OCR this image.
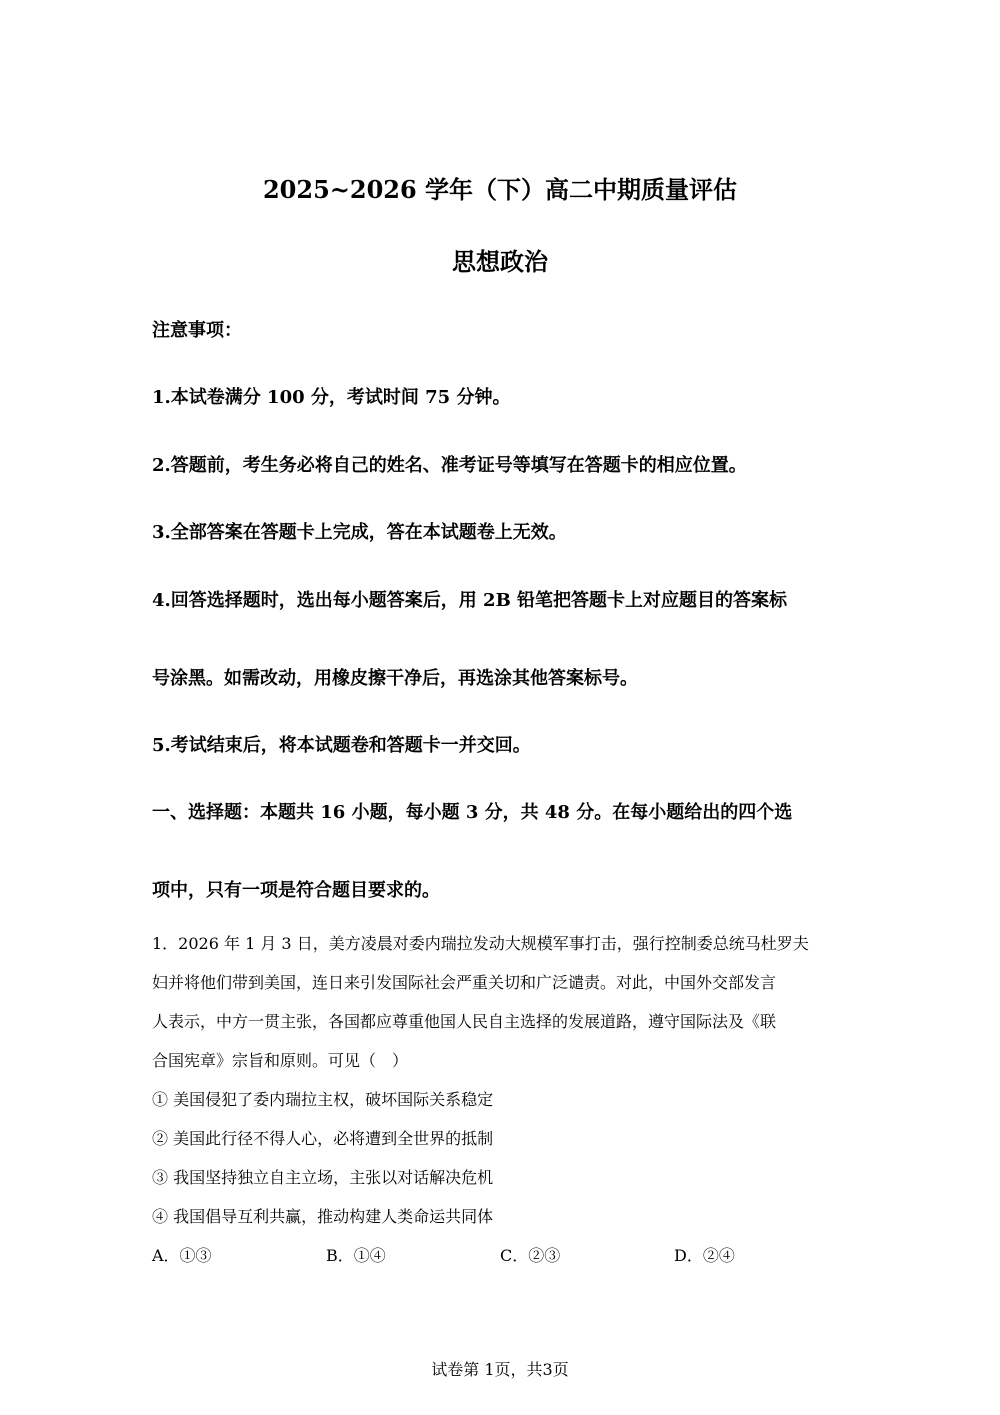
2025~2026 学年（下）高二中期质量评估
思想政治

注意事项：

1.本试卷满分 100 分，考试时间 75 分钟。

2.答题前，考生务必将自己的姓名、准考证号等填写在答题卡的相应位置。

3.全部答案在答题卡上完成，答在本试题卷上无效。

4.回答选择题时，选出每小题答案后，用 2B 铅笔把答题卡上对应题目的答案标

号涂黑。如需改动，用橡皮擦干净后，再选涂其他答案标号。

5.考试结束后，将本试题卷和答题卡一并交回。

一、选择题：本题共 16 小题，每小题 3 分，共 48 分。在每小题给出的四个选

项中，只有一项是符合题目要求的。

1．2026 年 1 月 3 日，美方凌晨对委内瑞拉发动大规模军事打击，强行控制委总统马杜罗夫

妇并将他们带到美国，连日来引发国际社会严重关切和广泛谴责。对此，中国外交部发言

人表示，中方一贯主张，各国都应尊重他国人民自主选择的发展道路，遵守国际法及《联

合国宪章》宗旨和原则。可见（　）

① 美国侵犯了委内瑞拉主权，破坏国际关系稳定

② 美国此行径不得人心，必将遭到全世界的抵制

③ 我国坚持独立自主立场，主张以对话解决危机

④ 我国倡导互利共赢，推动构建人类命运共同体

A．①③	B．①④	C．②③	D．②④

试卷第 1页，共3页
